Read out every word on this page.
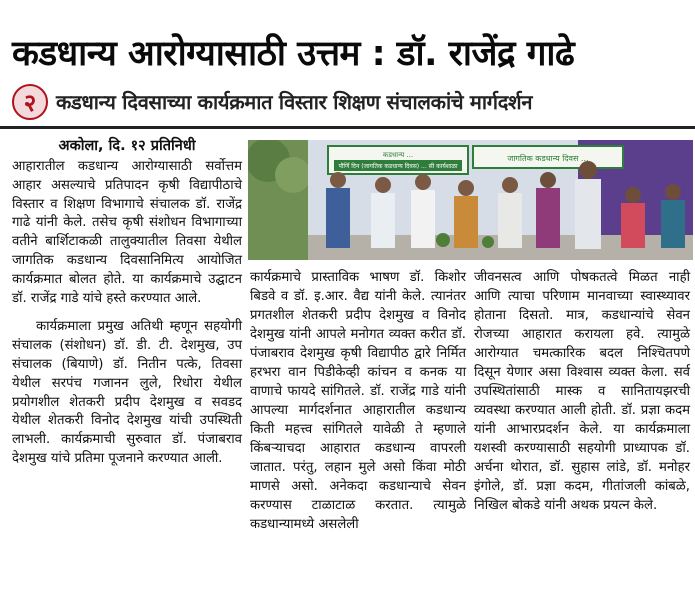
कडधान्य आरोग्यासाठी उत्तम : डॉ. राजेंद्र गाढे
२ कडधान्य दिवसाच्या कार्यक्रमात विस्तार शिक्षण संचालकांचे मार्गदर्शन
अकोला, दि. १२ प्रतिनिधी

आहारातील कडधान्य आरोग्यासाठी सर्वोत्तम आहार असल्याचे प्रतिपादन कृषी विद्यापीठाचे विस्तार व शिक्षण विभागाचे संचालक डॉ. राजेंद्र गाढे यांनी केले. तसेच कृषी संशोधन विभागाच्या वतीने बार्शिटाकळी तालुक्यातील तिवसा येथील जागतिक कडधान्य दिवसानिमित्य आयोजित कार्यक्रमात बोलत होते. या कार्यक्रमाचे उद्घाटन डॉ. राजेंद्र गाडे यांचे हस्ते करण्यात आले.

कार्यक्रमाला प्रमुख अतिथी म्हणून सहयोगी संचालक (संशोधन) डॉ. डी. टी. देशमुख, उप संचालक (बियाणे) डॉ. नितीन पत्के, तिवसा येथील सरपंच गजानन लुले, रिधोरा येथील प्रयोगशील शेतकरी प्रदीप देशमुख व सवडद येथील शेतकरी विनोद देशमुख यांची उपस्थिती लाभली. कार्यक्रमाची सुरुवात डॉ. पंजाबराव देशमुख यांचे प्रतिमा पूजनाने करण्यात आली.

कडधान्य ...
पौर्णि दिन (जागतिक कडधान्य दिवस) ... सी कार्यशाळा
जागतिक कडधान्य दिवस ...

कार्यक्रमाचे प्रास्ताविक भाषण डॉ. किशोर बिडवे व डॉ. इ.आर. वैद्य यांनी केले. त्यानंतर प्रगतशील शेतकरी प्रदीप देशमुख व विनोद देशमुख यांनी आपले मनोगत व्यक्त करीत डॉ. पंजाबराव देशमुख कृषी विद्यापीठ द्वारे निर्मित हरभरा वान पिडीकेव्ही कांचन व कनक या वाणाचे फायदे सांगितले. डॉ. राजेंद्र गाडे यांनी आपल्या मार्गदर्शनात आहारातील कडधान्य किती महत्त्व सांगितले यावेळी ते म्हणाले किंबऱ्याचदा आहारात कडधान्य वापरली जातात. परंतु, लहान मुले असो किंवा मोठी माणसे असो. अनेकदा कडधान्याचे सेवन करण्यास टाळाटाळ करतात. त्यामुळे कडधान्यामध्ये असलेली

जीवनसत्व आणि पोषकतत्वे मिळत नाही आणि त्याचा परिणाम मानवाच्या स्वास्थ्यावर होताना दिसतो. मात्र, कडधान्यांचे सेवन रोजच्या आहारात करायला हवे. त्यामुळे आरोग्यात चमत्कारिक बदल निश्चितपणे दिसून येणार असा विश्वास व्यक्त केला. सर्व उपस्थितांसाठी मास्क व सानितायझरची व्यवस्था करण्यात आली होती. डॉ. प्रज्ञा कदम यांनी आभारप्रदर्शन केले. या कार्यक्रमाला यशस्वी करण्यासाठी सहयोगी प्राध्यापक डॉ. अर्चना थोरात, डॉ. सुहास लांडे, डॉ. मनोहर इंगोले, डॉ. प्रज्ञा कदम, गीतांजली कांबळे, निखिल बोकडे यांनी अथक प्रयत्न केले.
